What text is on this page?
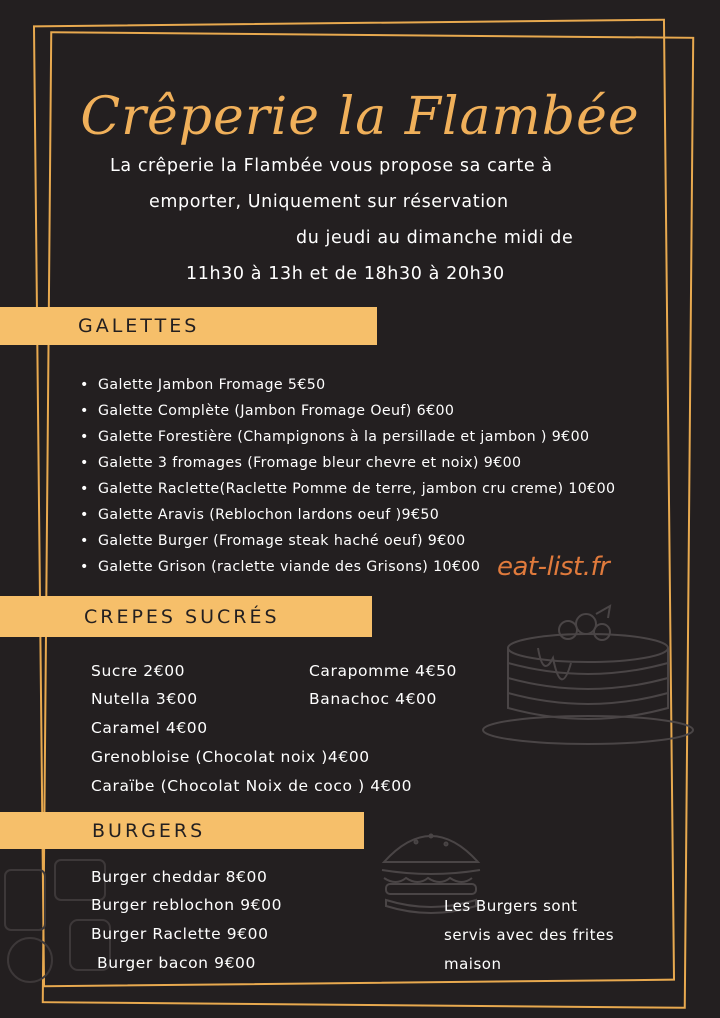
Crêperie la Flambée
La crêperie la Flambée vous propose sa carte à
emporter, Uniquement sur réservation
du jeudi au dimanche midi de
11h30 à 13h et de 18h30 à 20h30
GALETTES
• Galette Jambon Fromage 5€50
• Galette Complète (Jambon Fromage Oeuf) 6€00
• Galette Forestière (Champignons à la persillade et jambon ) 9€00
• Galette 3 fromages (Fromage bleur chevre et noix) 9€00
• Galette Raclette(Raclette Pomme de terre, jambon cru creme) 10€00
• Galette Aravis (Reblochon lardons oeuf )9€50
• Galette Burger (Fromage steak haché oeuf) 9€00
• Galette Grison (raclette viande des Grisons) 10€00 eat-list.fr
CREPES SUCRÉS
Sucre 2€00	Carapomme 4€50
Nutella 3€00	Banachoc 4€00
Caramel 4€00
Grenobloise (Chocolat noix )4€00
Caraïbe (Chocolat Noix de coco ) 4€00
BURGERS
Burger cheddar 8€00
Burger reblochon 9€00
Burger Raclette 9€00
Burger bacon 9€00
Les Burgers sont
servis avec des frites
maison
